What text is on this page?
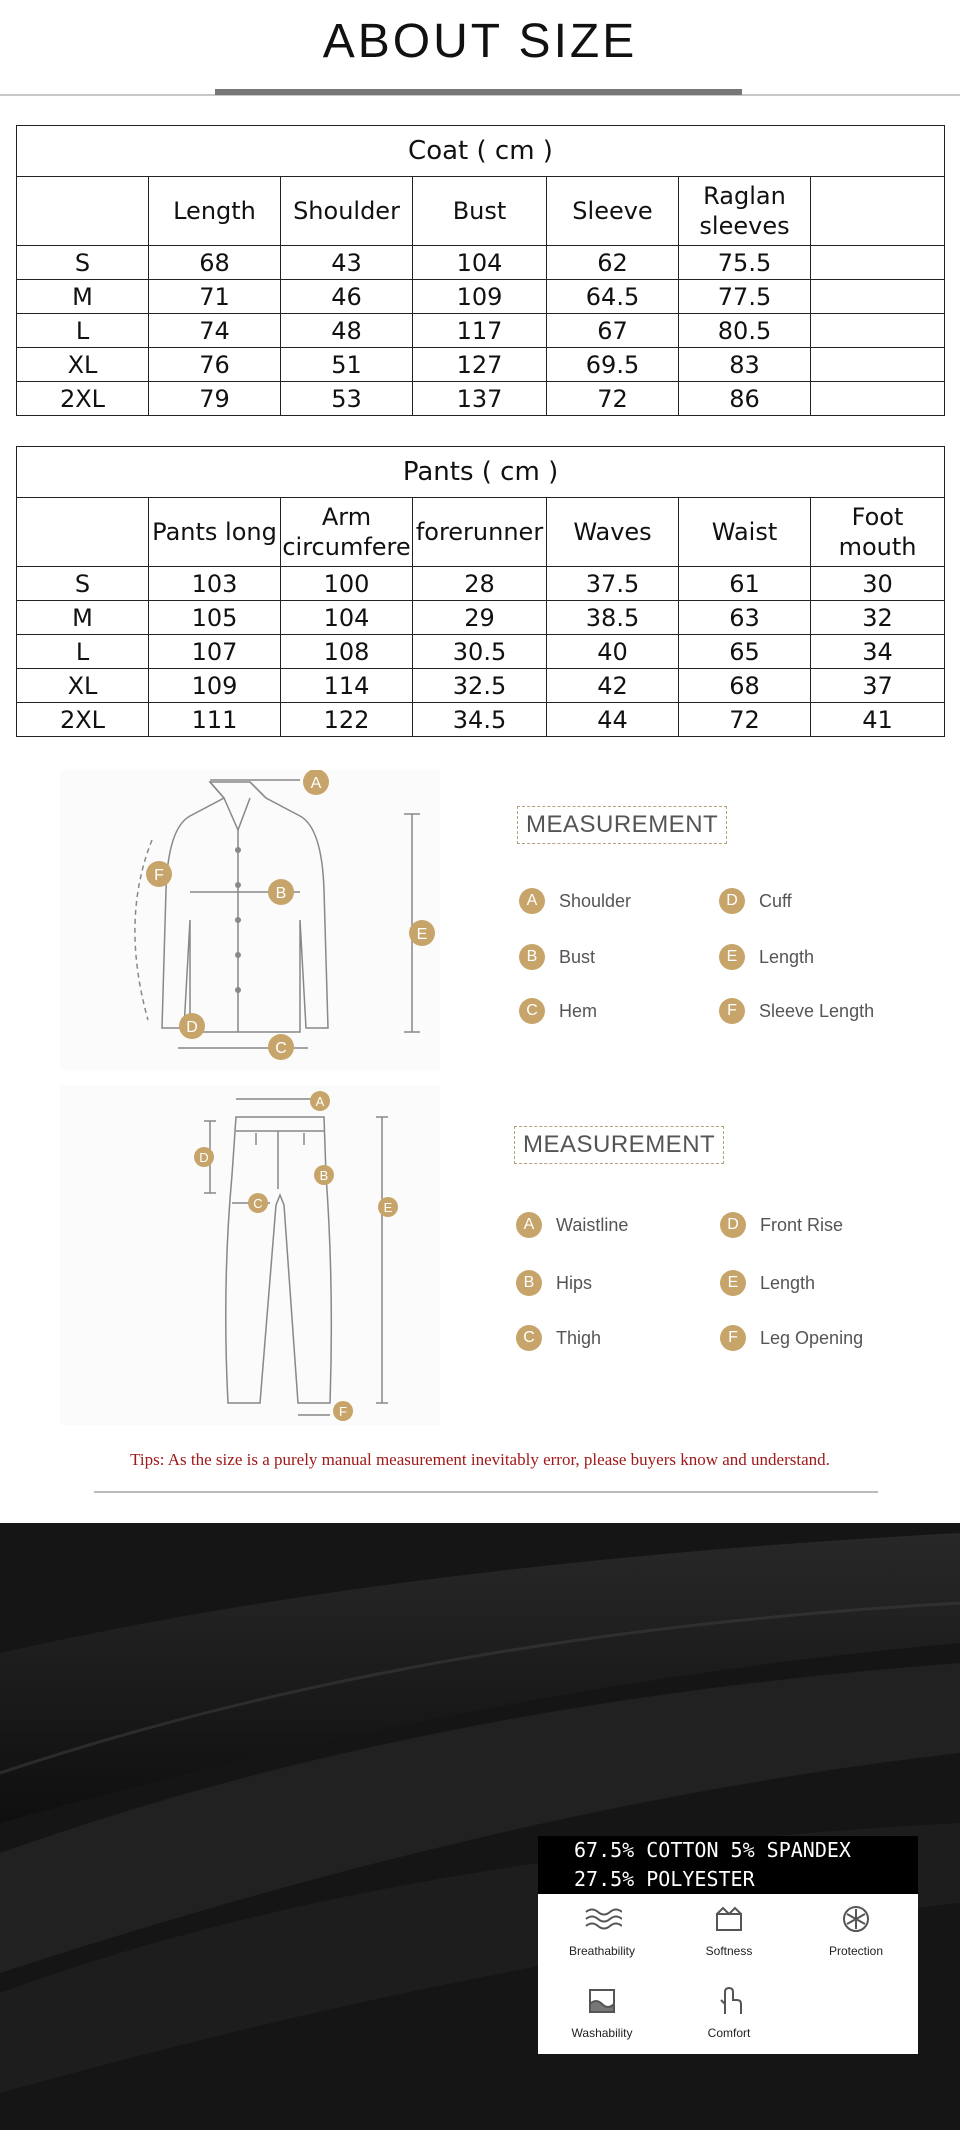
ABOUT SIZE
Coat ( cm )						
	Length	Shoulder	Bust	Sleeve	Raglan sleeves	
S	68	43	104	62	75.5	
M	71	46	109	64.5	77.5	
L	74	48	117	67	80.5	
XL	76	51	127	69.5	83	
2XL	79	53	137	72	86	
Pants ( cm )						
	Pants long	Arm circumfere	forerunner	Waves	Waist	Foot mouth
S	103	100	28	37.5	61	30
M	105	104	29	38.5	63	32
L	107	108	30.5	40	65	34
XL	109	114	32.5	42	68	37
2XL	111	122	34.5	44	72	41
A
B
C
D
E
F
MEASUREMENT
A	Shoulder
B	Bust
C	Hem
D	Cuff
E	Length
F	Sleeve Length
A
B
C
D
E
F
MEASUREMENT
A	Waistline
B	Hips
C	Thigh
D	Front Rise
E	Length
F	Leg Opening
Tips: As the size is a purely manual measurement inevitably error, please buyers know and understand.
67.5% COTTON 5% SPANDEX
27.5% POLYESTER
Breathability	Softness	Protection
Washability	Comfort
